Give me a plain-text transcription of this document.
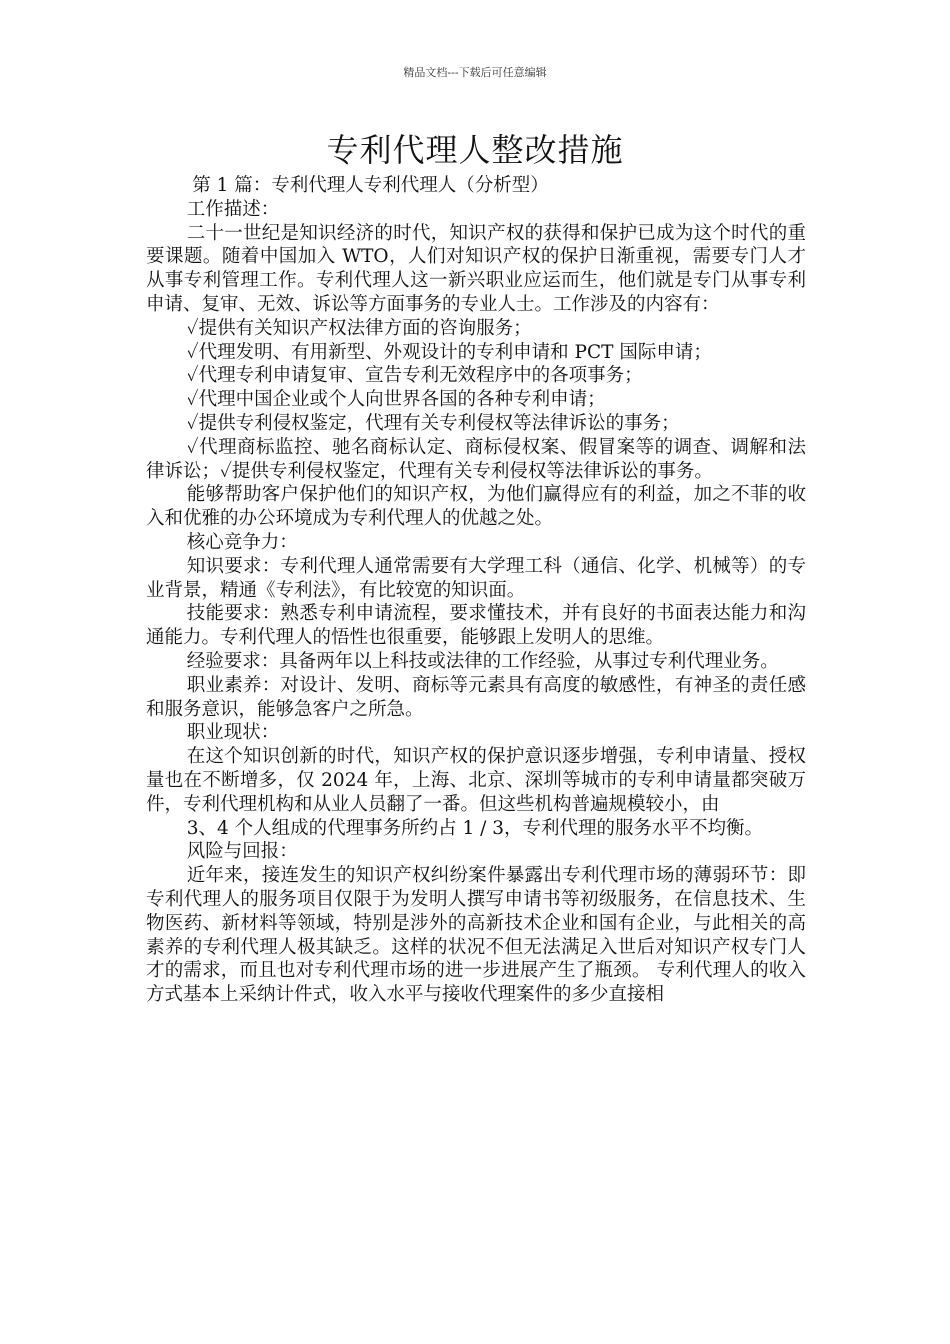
精品文档---下载后可任意编辑
专利代理人整改措施

第 1 篇：专利代理人专利代理人（分析型）

工作描述：

二十一世纪是知识经济的时代，知识产权的获得和保护已成为这个时代的重要课题。随着中国加入 WTO，人们对知识产权的保护日渐重视，需要专门人才从事专利管理工作。专利代理人这一新兴职业应运而生，他们就是专门从事专利申请、复审、无效、诉讼等方面事务的专业人士。工作涉及的内容有：

✓提供有关知识产权法律方面的咨询服务；

✓代理发明、有用新型、外观设计的专利申请和 PCT 国际申请；

✓代理专利申请复审、宣告专利无效程序中的各项事务；

✓代理中国企业或个人向世界各国的各种专利申请；

✓提供专利侵权鉴定，代理有关专利侵权等法律诉讼的事务；

✓代理商标监控、驰名商标认定、商标侵权案、假冒案等的调查、调解和法律诉讼；✓提供专利侵权鉴定，代理有关专利侵权等法律诉讼的事务。

能够帮助客户保护他们的知识产权，为他们赢得应有的利益，加之不菲的收入和优雅的办公环境成为专利代理人的优越之处。

核心竞争力：

知识要求：专利代理人通常需要有大学理工科（通信、化学、机械等）的专业背景，精通《专利法》，有比较宽的知识面。

技能要求：熟悉专利申请流程，要求懂技术，并有良好的书面表达能力和沟通能力。专利代理人的悟性也很重要，能够跟上发明人的思维。

经验要求：具备两年以上科技或法律的工作经验，从事过专利代理业务。

职业素养：对设计、发明、商标等元素具有高度的敏感性，有神圣的责任感和服务意识，能够急客户之所急。

职业现状：

在这个知识创新的时代，知识产权的保护意识逐步增强，专利申请量、授权量也在不断增多，仅 2024 年，上海、北京、深圳等城市的专利申请量都突破万件，专利代理机构和从业人员翻了一番。但这些机构普遍规模较小，由

3、4 个人组成的代理事务所约占 1 / 3，专利代理的服务水平不均衡。

风险与回报：

近年来，接连发生的知识产权纠纷案件暴露出专利代理市场的薄弱环节：即专利代理人的服务项目仅限于为发明人撰写申请书等初级服务，在信息技术、生物医药、新材料等领域，特别是涉外的高新技术企业和国有企业，与此相关的高素养的专利代理人极其缺乏。这样的状况不但无法满足入世后对知识产权专门人才的需求，而且也对专利代理市场的进一步进展产生了瓶颈。 专利代理人的收入方式基本上采纳计件式，收入水平与接收代理案件的多少直接相
